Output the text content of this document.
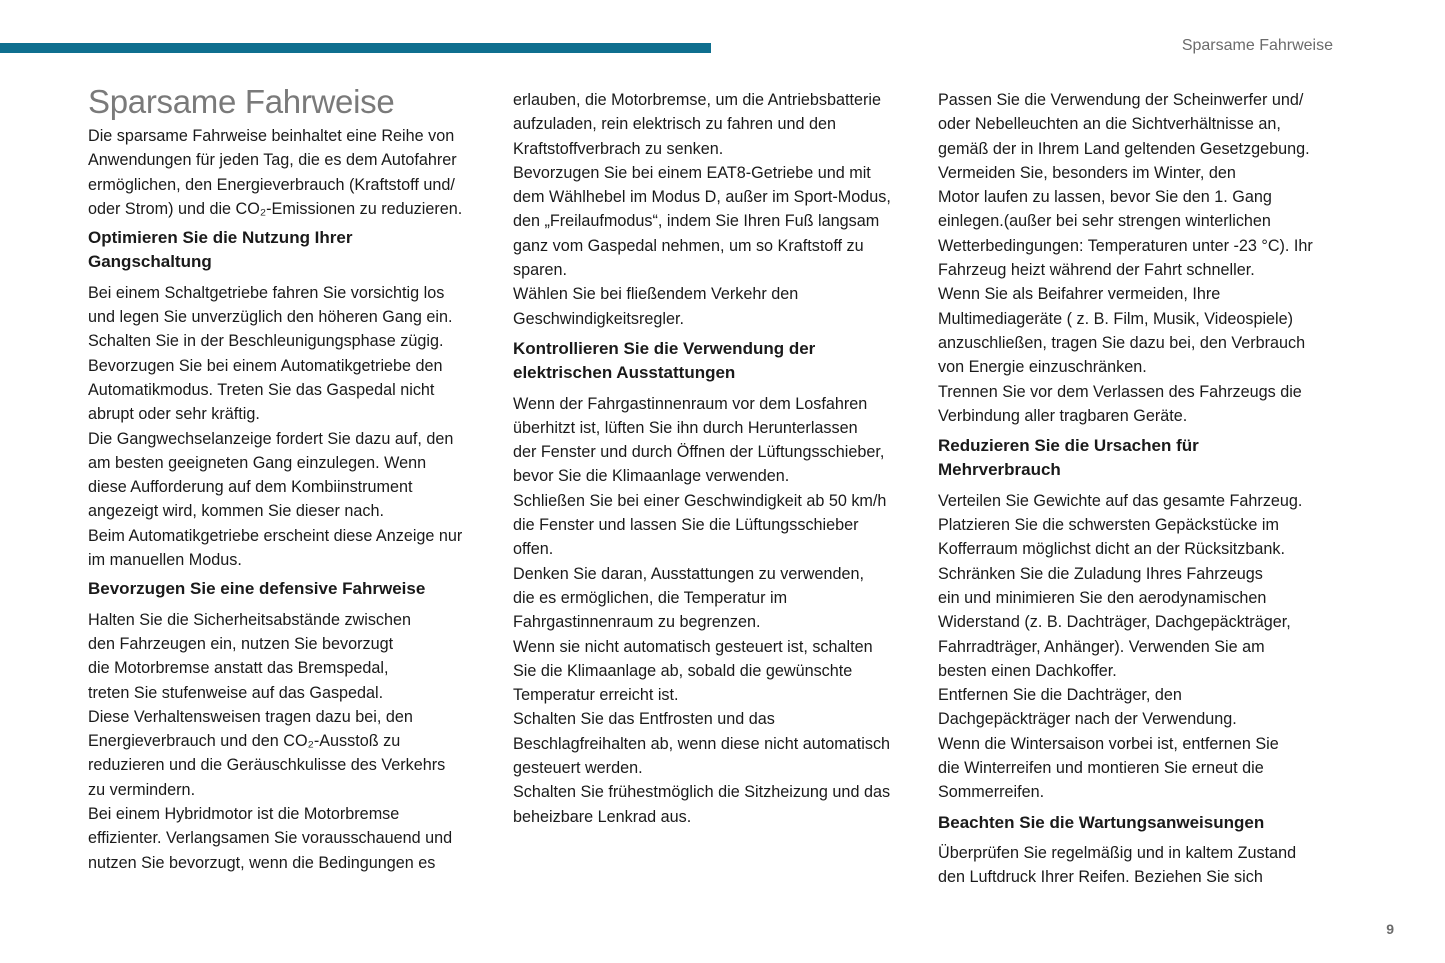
Sparsame Fahrweise
9
Sparsame Fahrweise

Die sparsame Fahrweise beinhaltet eine Reihe von
Anwendungen für jeden Tag, die es dem Autofahrer
ermöglichen, den Energieverbrauch (Kraftstoff und/
oder Strom) und die CO₂-Emissionen zu reduzieren.

Optimieren Sie die Nutzung Ihrer
Gangschaltung

Bei einem Schaltgetriebe fahren Sie vorsichtig los
und legen Sie unverzüglich den höheren Gang ein.
Schalten Sie in der Beschleunigungsphase zügig.
Bevorzugen Sie bei einem Automatikgetriebe den
Automatikmodus. Treten Sie das Gaspedal nicht
abrupt oder sehr kräftig.
Die Gangwechselanzeige fordert Sie dazu auf, den
am besten geeigneten Gang einzulegen. Wenn
diese Aufforderung auf dem Kombiinstrument
angezeigt wird, kommen Sie dieser nach.
Beim Automatikgetriebe erscheint diese Anzeige nur
im manuellen Modus.

Bevorzugen Sie eine defensive Fahrweise

Halten Sie die Sicherheitsabstände zwischen
den Fahrzeugen ein, nutzen Sie bevorzugt
die Motorbremse anstatt das Bremspedal,
treten Sie stufenweise auf das Gaspedal.
Diese Verhaltensweisen tragen dazu bei, den
Energieverbrauch und den CO₂-Ausstoß zu
reduzieren und die Geräuschkulisse des Verkehrs
zu vermindern.
Bei einem Hybridmotor ist die Motorbremse
effizienter. Verlangsamen Sie vorausschauend und
nutzen Sie bevorzugt, wenn die Bedingungen es

erlauben, die Motorbremse, um die Antriebsbatterie
aufzuladen, rein elektrisch zu fahren und den
Kraftstoffverbrach zu senken.
Bevorzugen Sie bei einem EAT8-Getriebe und mit
dem Wählhebel im Modus D, außer im Sport-Modus,
den „Freilaufmodus“, indem Sie Ihren Fuß langsam
ganz vom Gaspedal nehmen, um so Kraftstoff zu
sparen.
Wählen Sie bei fließendem Verkehr den
Geschwindigkeitsregler.

Kontrollieren Sie die Verwendung der
elektrischen Ausstattungen

Wenn der Fahrgastinnenraum vor dem Losfahren
überhitzt ist, lüften Sie ihn durch Herunterlassen
der Fenster und durch Öffnen der Lüftungsschieber,
bevor Sie die Klimaanlage verwenden.
Schließen Sie bei einer Geschwindigkeit ab 50 km/h
die Fenster und lassen Sie die Lüftungsschieber
offen.
Denken Sie daran, Ausstattungen zu verwenden,
die es ermöglichen, die Temperatur im
Fahrgastinnenraum zu begrenzen.
Wenn sie nicht automatisch gesteuert ist, schalten
Sie die Klimaanlage ab, sobald die gewünschte
Temperatur erreicht ist.
Schalten Sie das Entfrosten und das
Beschlagfreihalten ab, wenn diese nicht automatisch
gesteuert werden.
Schalten Sie frühestmöglich die Sitzheizung und das
beheizbare Lenkrad aus.

Passen Sie die Verwendung der Scheinwerfer und/
oder Nebelleuchten an die Sichtverhältnisse an,
gemäß der in Ihrem Land geltenden Gesetzgebung.
Vermeiden Sie, besonders im Winter, den
Motor laufen zu lassen, bevor Sie den 1. Gang
einlegen.(außer bei sehr strengen winterlichen
Wetterbedingungen: Temperaturen unter -23 °C). Ihr
Fahrzeug heizt während der Fahrt schneller.
Wenn Sie als Beifahrer vermeiden, Ihre
Multimediageräte ( z. B. Film, Musik, Videospiele)
anzuschließen, tragen Sie dazu bei, den Verbrauch
von Energie einzuschränken.
Trennen Sie vor dem Verlassen des Fahrzeugs die
Verbindung aller tragbaren Geräte.

Reduzieren Sie die Ursachen für
Mehrverbrauch

Verteilen Sie Gewichte auf das gesamte Fahrzeug.
Platzieren Sie die schwersten Gepäckstücke im
Kofferraum möglichst dicht an der Rücksitzbank.
Schränken Sie die Zuladung Ihres Fahrzeugs
ein und minimieren Sie den aerodynamischen
Widerstand (z. B. Dachträger, Dachgepäckträger,
Fahrradträger, Anhänger). Verwenden Sie am
besten einen Dachkoffer.
Entfernen Sie die Dachträger, den
Dachgepäckträger nach der Verwendung.
Wenn die Wintersaison vorbei ist, entfernen Sie
die Winterreifen und montieren Sie erneut die
Sommerreifen.

Beachten Sie die Wartungsanweisungen

Überprüfen Sie regelmäßig und in kaltem Zustand
den Luftdruck Ihrer Reifen. Beziehen Sie sich
